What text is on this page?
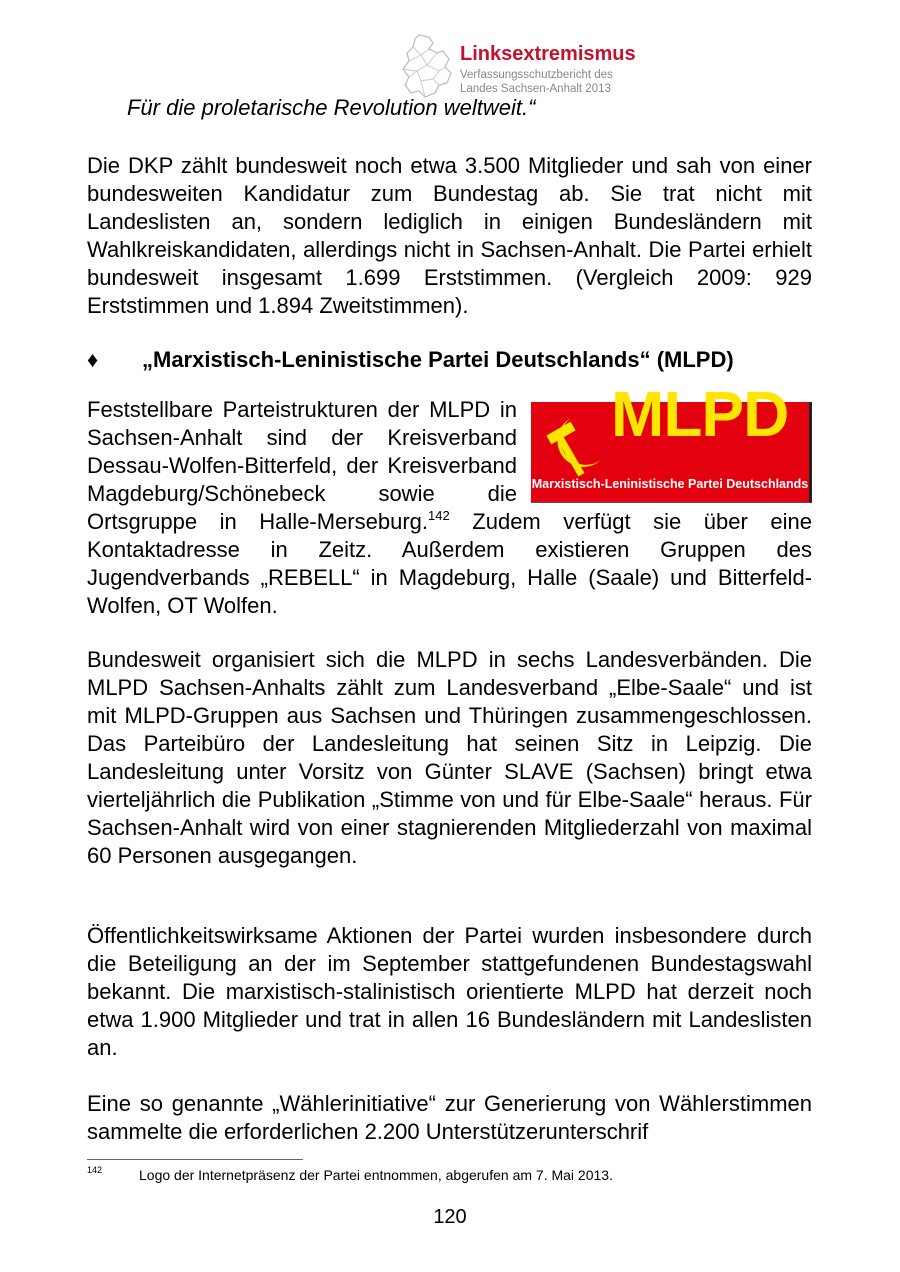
Linksextremismus
Verfassungsschutzbericht des
Landes Sachsen-Anhalt 2013
Für die proletarische Revolution weltweit.“
Die DKP zählt bundesweit noch etwa 3.500 Mitglieder und sah von einer bundesweiten Kandidatur zum Bundestag ab. Sie trat nicht mit Landeslisten an, sondern lediglich in einigen Bundesländern mit Wahlkreiskandidaten, allerdings nicht in Sachsen-Anhalt. Die Partei erhielt bundesweit insgesamt 1.699 Erststimmen. (Vergleich 2009: 929 Erststimmen und 1.894 Zweitstimmen).
♦ „Marxistisch-Leninistische Partei Deutschlands“ (MLPD)
MLPD
Marxistisch-Leninistische Partei Deutschlands
Feststellbare Parteistrukturen der MLPD in Sachsen-Anhalt sind der Kreisverband Dessau-Wolfen-Bitterfeld, der Kreisverband Magdeburg/Schönebeck sowie die Ortsgruppe in Halle-Merseburg.$^{142}$ Zudem verfügt sie über eine Kontaktadresse in Zeitz. Außerdem existieren Gruppen des Jugendverbands „REBELL“ in Magdeburg, Halle (Saale) und Bitterfeld-Wolfen, OT Wolfen.
Bundesweit organisiert sich die MLPD in sechs Landesverbänden. Die MLPD Sachsen-Anhalts zählt zum Landesverband „Elbe-Saale“ und ist mit MLPD-Gruppen aus Sachsen und Thüringen zusammengeschlossen. Das Parteibüro der Landesleitung hat seinen Sitz in Leipzig. Die Landesleitung unter Vorsitz von Günter SLAVE (Sachsen) bringt etwa vierteljährlich die Publikation „Stimme von und für Elbe-Saale“ heraus. Für Sachsen-Anhalt wird von einer stagnierenden Mitgliederzahl von maximal 60 Personen ausgegangen.
Öffentlichkeitswirksame Aktionen der Partei wurden insbesondere durch die Beteiligung an der im September stattgefundenen Bundestagswahl bekannt. Die marxistisch-stalinistisch orientierte MLPD hat derzeit noch etwa 1.900 Mitglieder und trat in allen 16 Bundesländern mit Landeslisten an.
Eine so genannte „Wählerinitiative“ zur Generierung von Wählerstimmen sammelte die erforderlichen 2.200 Unterstützerunterschrif
142	Logo der Internetpräsenz der Partei entnommen, abgerufen am 7. Mai 2013.
120
